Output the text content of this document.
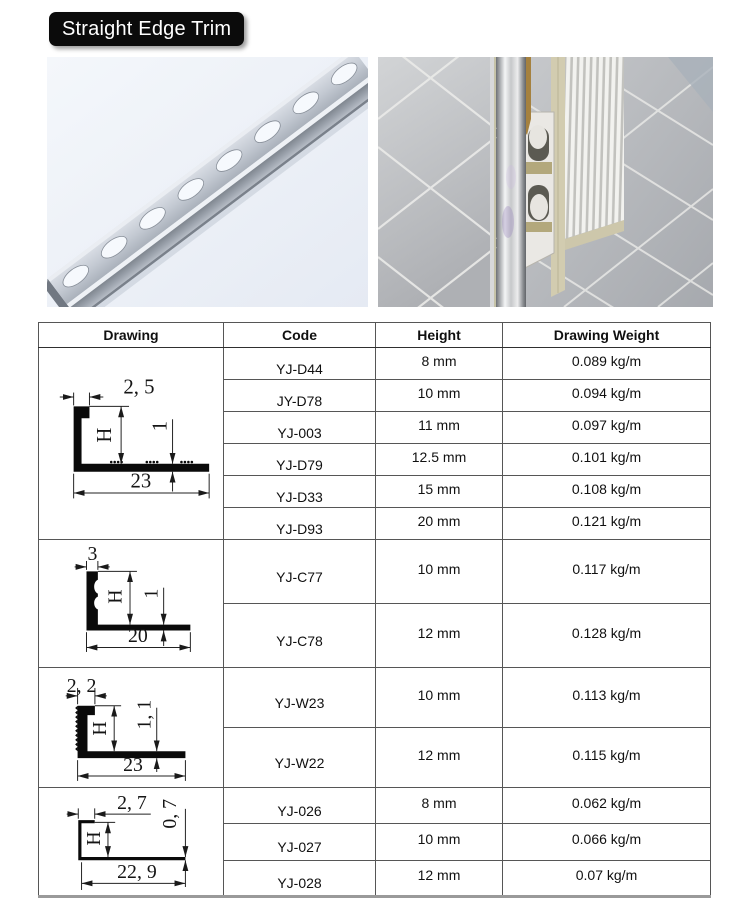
Straight Edge Trim
Drawing	Code	Height	Drawing Weight

2, 5
H
1
23	YJ-D44	8 mm	0.089 kg/m
	JY-D78	10 mm	0.094 kg/m
	YJ-003	11 mm	0.097 kg/m
	YJ-D79	12.5 mm	0.101 kg/m
	YJ-D33	15 mm	0.108 kg/m
	YJ-D93	20 mm	0.121 kg/m

3
H 1
20	YJ-C77	10 mm	0.117 kg/m
	YJ-C78	12 mm	0.128 kg/m

2, 2
H 1, 1
23	YJ-W23	10 mm	0.113 kg/m
	YJ-W22	12 mm	0.115 kg/m

2, 7
H
0, 7
22, 9	YJ-026	8 mm	0.062 kg/m
	YJ-027	10 mm	0.066 kg/m
	YJ-028	12 mm	0.07 kg/m
